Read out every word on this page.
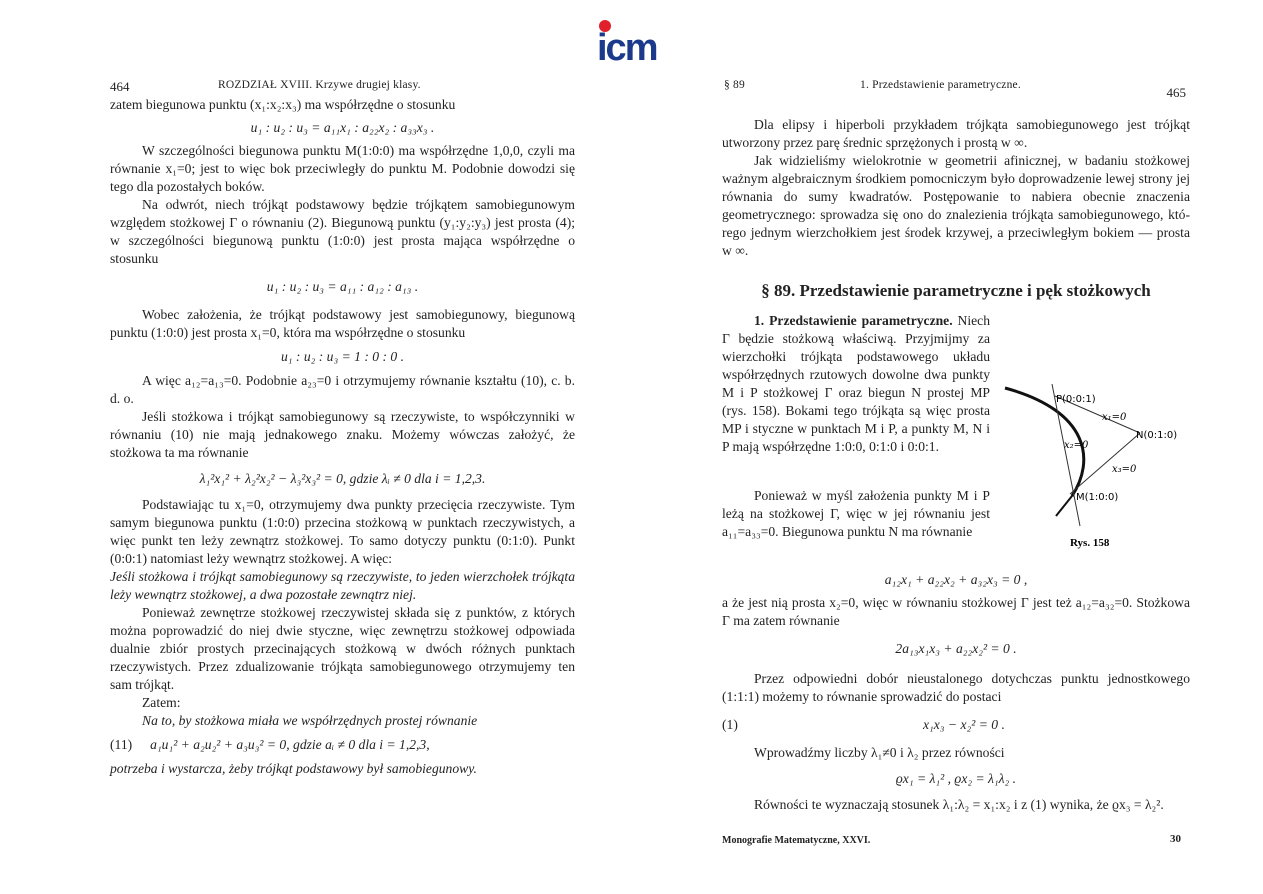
icm
464	ROZDZIAŁ XVIII. Krzywe drugiej klasy.

zatem biegunowa punktu (x₁:x₂:x₃) ma współrzędne o stosunku

u₁ : u₂ : u₃ = a₁₁x₁ : a₂₂x₂ : a₃₃x₃ .

W szczególności biegunowa punktu M(1:0:0) ma współrzędne 1,0,0, czyli ma równanie x₁=0; jest to więc bok przeciwległy do punktu M. Podobnie dowodzi się tego dla pozostałych boków.

Na odwrót, niech trójkąt podstawowy będzie trójkątem samobiegunowym względem stożkowej Γ o równaniu (2). Biegunową punktu (y₁:y₂:y₃) jest prosta (4); w szczególności biegunową punktu (1:0:0) jest prosta mająca współrzędne o stosunku

u₁ : u₂ : u₃ = a₁₁ : a₁₂ : a₁₃ .

Wobec założenia, że trójkąt podstawowy jest samobiegunowy, biegunową punktu (1:0:0) jest prosta x₁=0, która ma współrzędne o stosunku

u₁ : u₂ : u₃ = 1 : 0 : 0 .

A więc a₁₂=a₁₃=0. Podobnie a₂₃=0 i otrzymujemy równanie kształtu (10), c. b. d. o.

Jeśli stożkowa i trójkąt samobiegunowy są rzeczywiste, to współczynniki w równaniu (10) nie mają jednakowego znaku. Możemy wówczas założyć, że stożkowa ta ma równanie

λ₁²x₁² + λ₂²x₂² − λ₃²x₃² = 0, gdzie λᵢ ≠ 0 dla i = 1,2,3.

Podstawiając tu x₁=0, otrzymujemy dwa punkty przecięcia rzeczywiste. Tym samym biegunowa punktu (1:0:0) przecina stożkową w punktach rzeczywistych, a więc punkt ten leży zewnątrz stożkowej. To samo dotyczy punktu (0:1:0). Punkt (0:0:1) natomiast leży wewnątrz stożkowej. A więc:

Jeśli stożkowa i trójkąt samobiegunowy są rzeczywiste, to jeden wierzchołek trójkąta leży wewnątrz stożkowej, a dwa pozostałe zewnątrz niej.

Ponieważ zewnętrze stożkowej rzeczywistej składa się z punktów, z których można poprowadzić do niej dwie styczne, więc zewnętrzu stożkowej odpowiada dualnie zbiór prostych przecinających stożkową w dwóch różnych punktach rzeczywistych. Przez zdualizowanie trójkąta samobiegunowego otrzymujemy ten sam trójkąt.

Zatem:

Na to, by stożkowa miała we współrzędnych prostej równanie

(11)	a₁u₁² + a₂u₂² + a₃u₃² = 0, gdzie aᵢ ≠ 0 dla i = 1,2,3,

potrzeba i wystarcza, żeby trójkąt podstawowy był samobiegunowy.

§ 89	1. Przedstawienie parametryczne.	465

Dla elipsy i hiperboli przykładem trójkąta samobiegunowego jest trójkąt utworzony przez parę średnic sprzężonych i prostą w ∞.

Jak widzieliśmy wielokrotnie w geometrii afinicznej, w badaniu stożkowej ważnym algebraicznym środkiem pomocniczym było doprowadzenie lewej strony jej równania do sumy kwadratów. Postępowanie to nabiera obecnie znaczenia geometrycznego: sprowadza się ono do znalezienia trójkąta samobiegunowego, którego jednym wierzchołkiem jest środek krzywej, a przeciwległym bokiem — prosta w ∞.

§ 89. Przedstawienie parametryczne i pęk stożkowych

1. Przedstawienie parametryczne. Niech Γ będzie stożkową właściwą. Przyjmijmy za wierzchołki trójkąta podstawowego układu współrzędnych rzutowych dowolne dwa punkty M i P stożkowej Γ oraz biegun N prostej MP (rys. 158). Bokami tego trójkąta są więc prosta MP i styczne w punktach M i P, a punkty M, N i P mają współrzędne 1:0:0, 0:1:0 i 0:0:1.

P(0:0:1)
N(0:1:0)
M(1:0:0)
x₁=0
x₂=0
x₃=0
Rys. 158

Ponieważ w myśl założenia punkty M i P leżą na stożkowej Γ, więc w jej równaniu jest a₁₁=a₃₃=0. Biegunowa punktu N ma równanie

a₁₂x₁ + a₂₂x₂ + a₃₂x₃ = 0 ,

a że jest nią prosta x₂=0, więc w równaniu stożkowej Γ jest też a₁₂=a₃₂=0. Stożkowa Γ ma zatem równanie

2a₁₃x₁x₃ + a₂₂x₂² = 0 .

Przez odpowiedni dobór nieustalonego dotychczas punktu jednostkowego (1:1:1) możemy to równanie sprowadzić do postaci

(1)	x₁x₃ − x₂² = 0 .

Wprowadźmy liczby λ₁≠0 i λ₂ przez równości

ϱx₁ = λ₁² , ϱx₂ = λ₁λ₂ .

Równości te wyznaczają stosunek λ₁:λ₂ = x₁:x₂ i z (1) wynika, że ϱx₃ = λ₂².

Monografie Matematyczne, XXVI.	30
